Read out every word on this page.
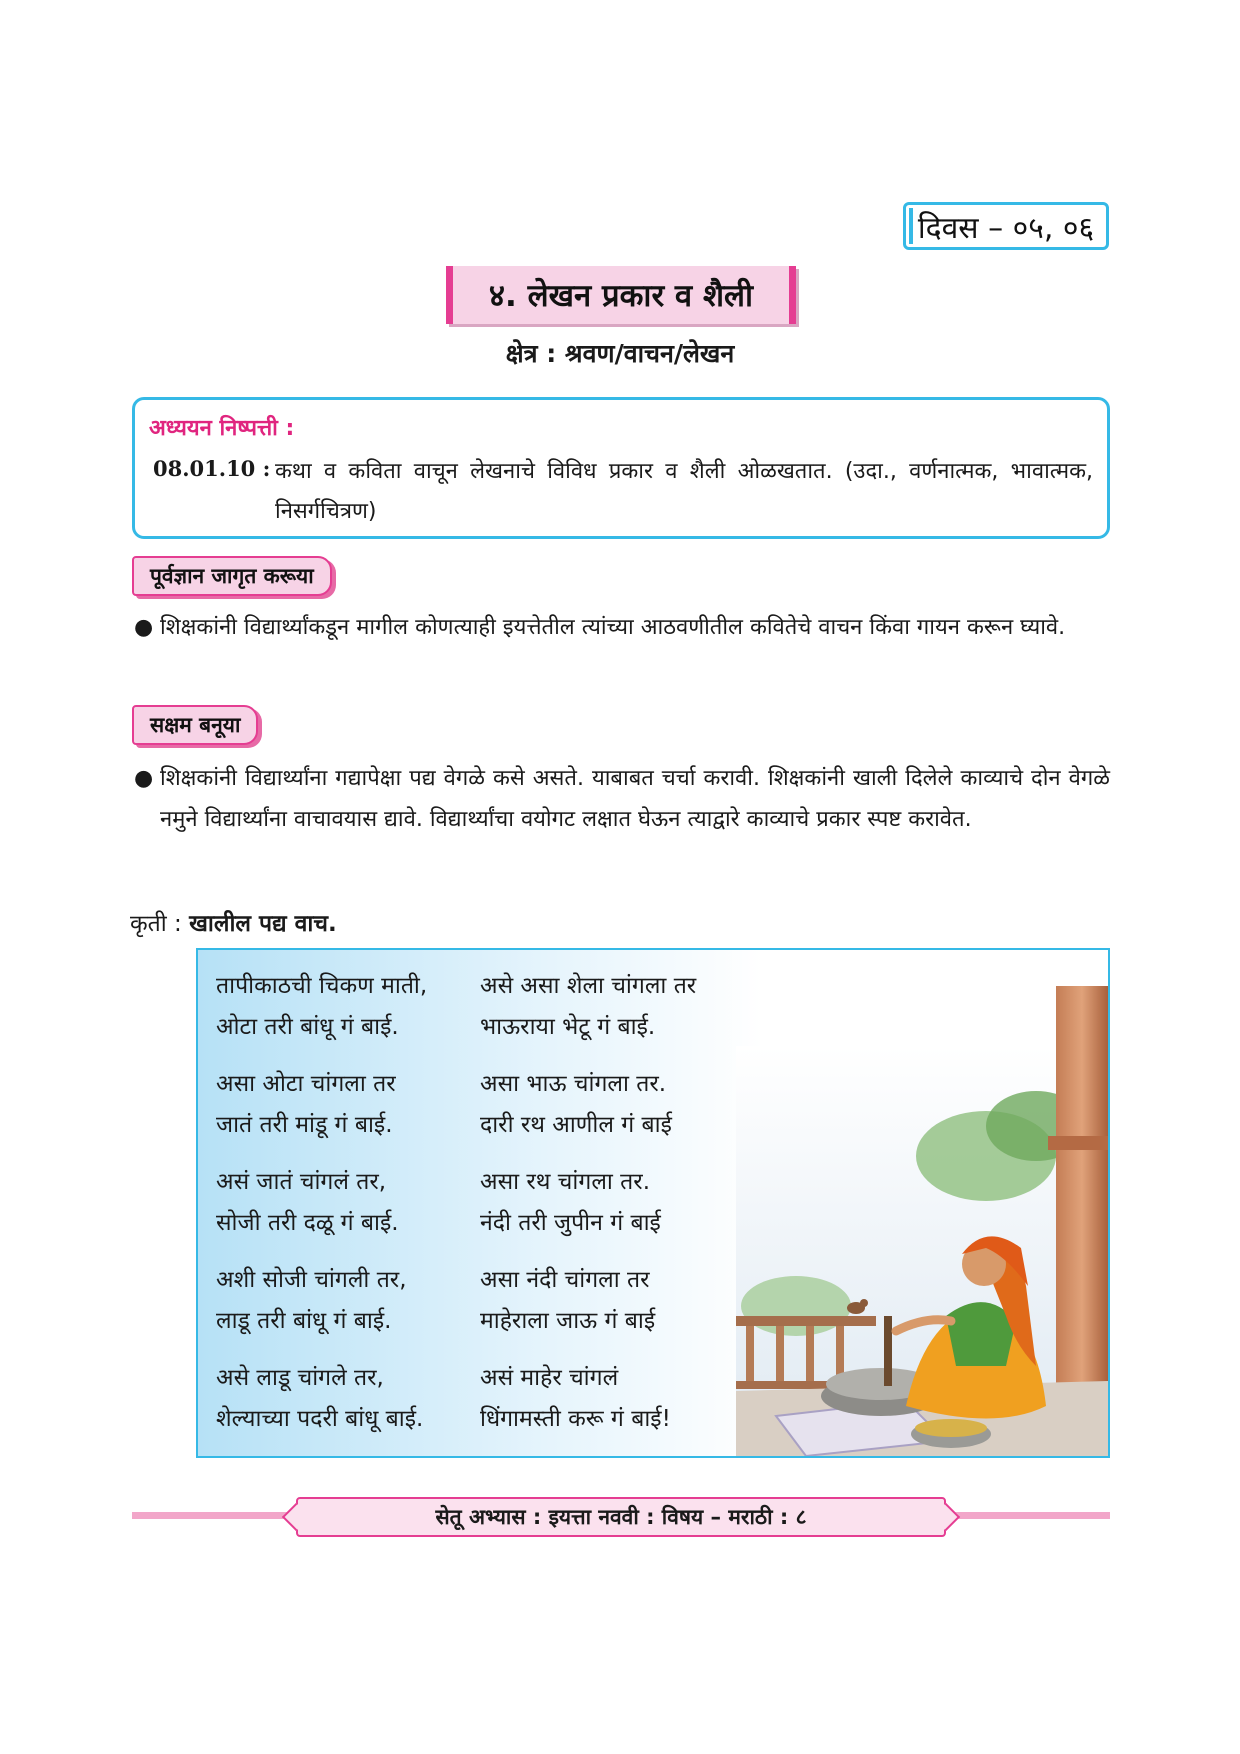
दिवस – ०५, ०६
४. लेखन प्रकार व शैली
क्षेत्र : श्रवण/वाचन/लेखन
अध्ययन निष्पत्ती :
08.01.10 : कथा व कविता वाचून लेखनाचे विविध प्रकार व शैली ओळखतात. (उदा., वर्णनात्मक, भावात्मक, निसर्गचित्रण)
पूर्वज्ञान जागृत करूया
● शिक्षकांनी विद्यार्थ्यांकडून मागील कोणत्याही इयत्तेतील त्यांच्या आठवणीतील कवितेचे वाचन किंवा गायन करून घ्यावे.
सक्षम बनूया
● शिक्षकांनी विद्यार्थ्यांना गद्यापेक्षा पद्य वेगळे कसे असते. याबाबत चर्चा करावी. शिक्षकांनी खाली दिलेले काव्याचे दोन वेगळे नमुने विद्यार्थ्यांना वाचावयास द्यावे. विद्यार्थ्यांचा वयोगट लक्षात घेऊन त्याद्वारे काव्याचे प्रकार स्पष्ट करावेत.
कृती : खालील पद्य वाच.
तापीकाठची चिकण माती,
ओटा तरी बांधू गं बाई.
असा ओटा चांगला तर
जातं तरी मांडू गं बाई.
असं जातं चांगलं तर,
सोजी तरी दळू गं बाई.
अशी सोजी चांगली तर,
लाडू तरी बांधू गं बाई.
असे लाडू चांगले तर,
शेल्याच्या पदरी बांधू बाई.
असे असा शेला चांगला तर
भाऊराया भेटू गं बाई.
असा भाऊ चांगला तर.
दारी रथ आणील गं बाई
असा रथ चांगला तर.
नंदी तरी जुपीन गं बाई
असा नंदी चांगला तर
माहेराला जाऊ गं बाई
असं माहेर चांगलं
धिंगामस्ती करू गं बाई!
सेतू अभ्यास : इयत्ता नववी : विषय – मराठी : ८
